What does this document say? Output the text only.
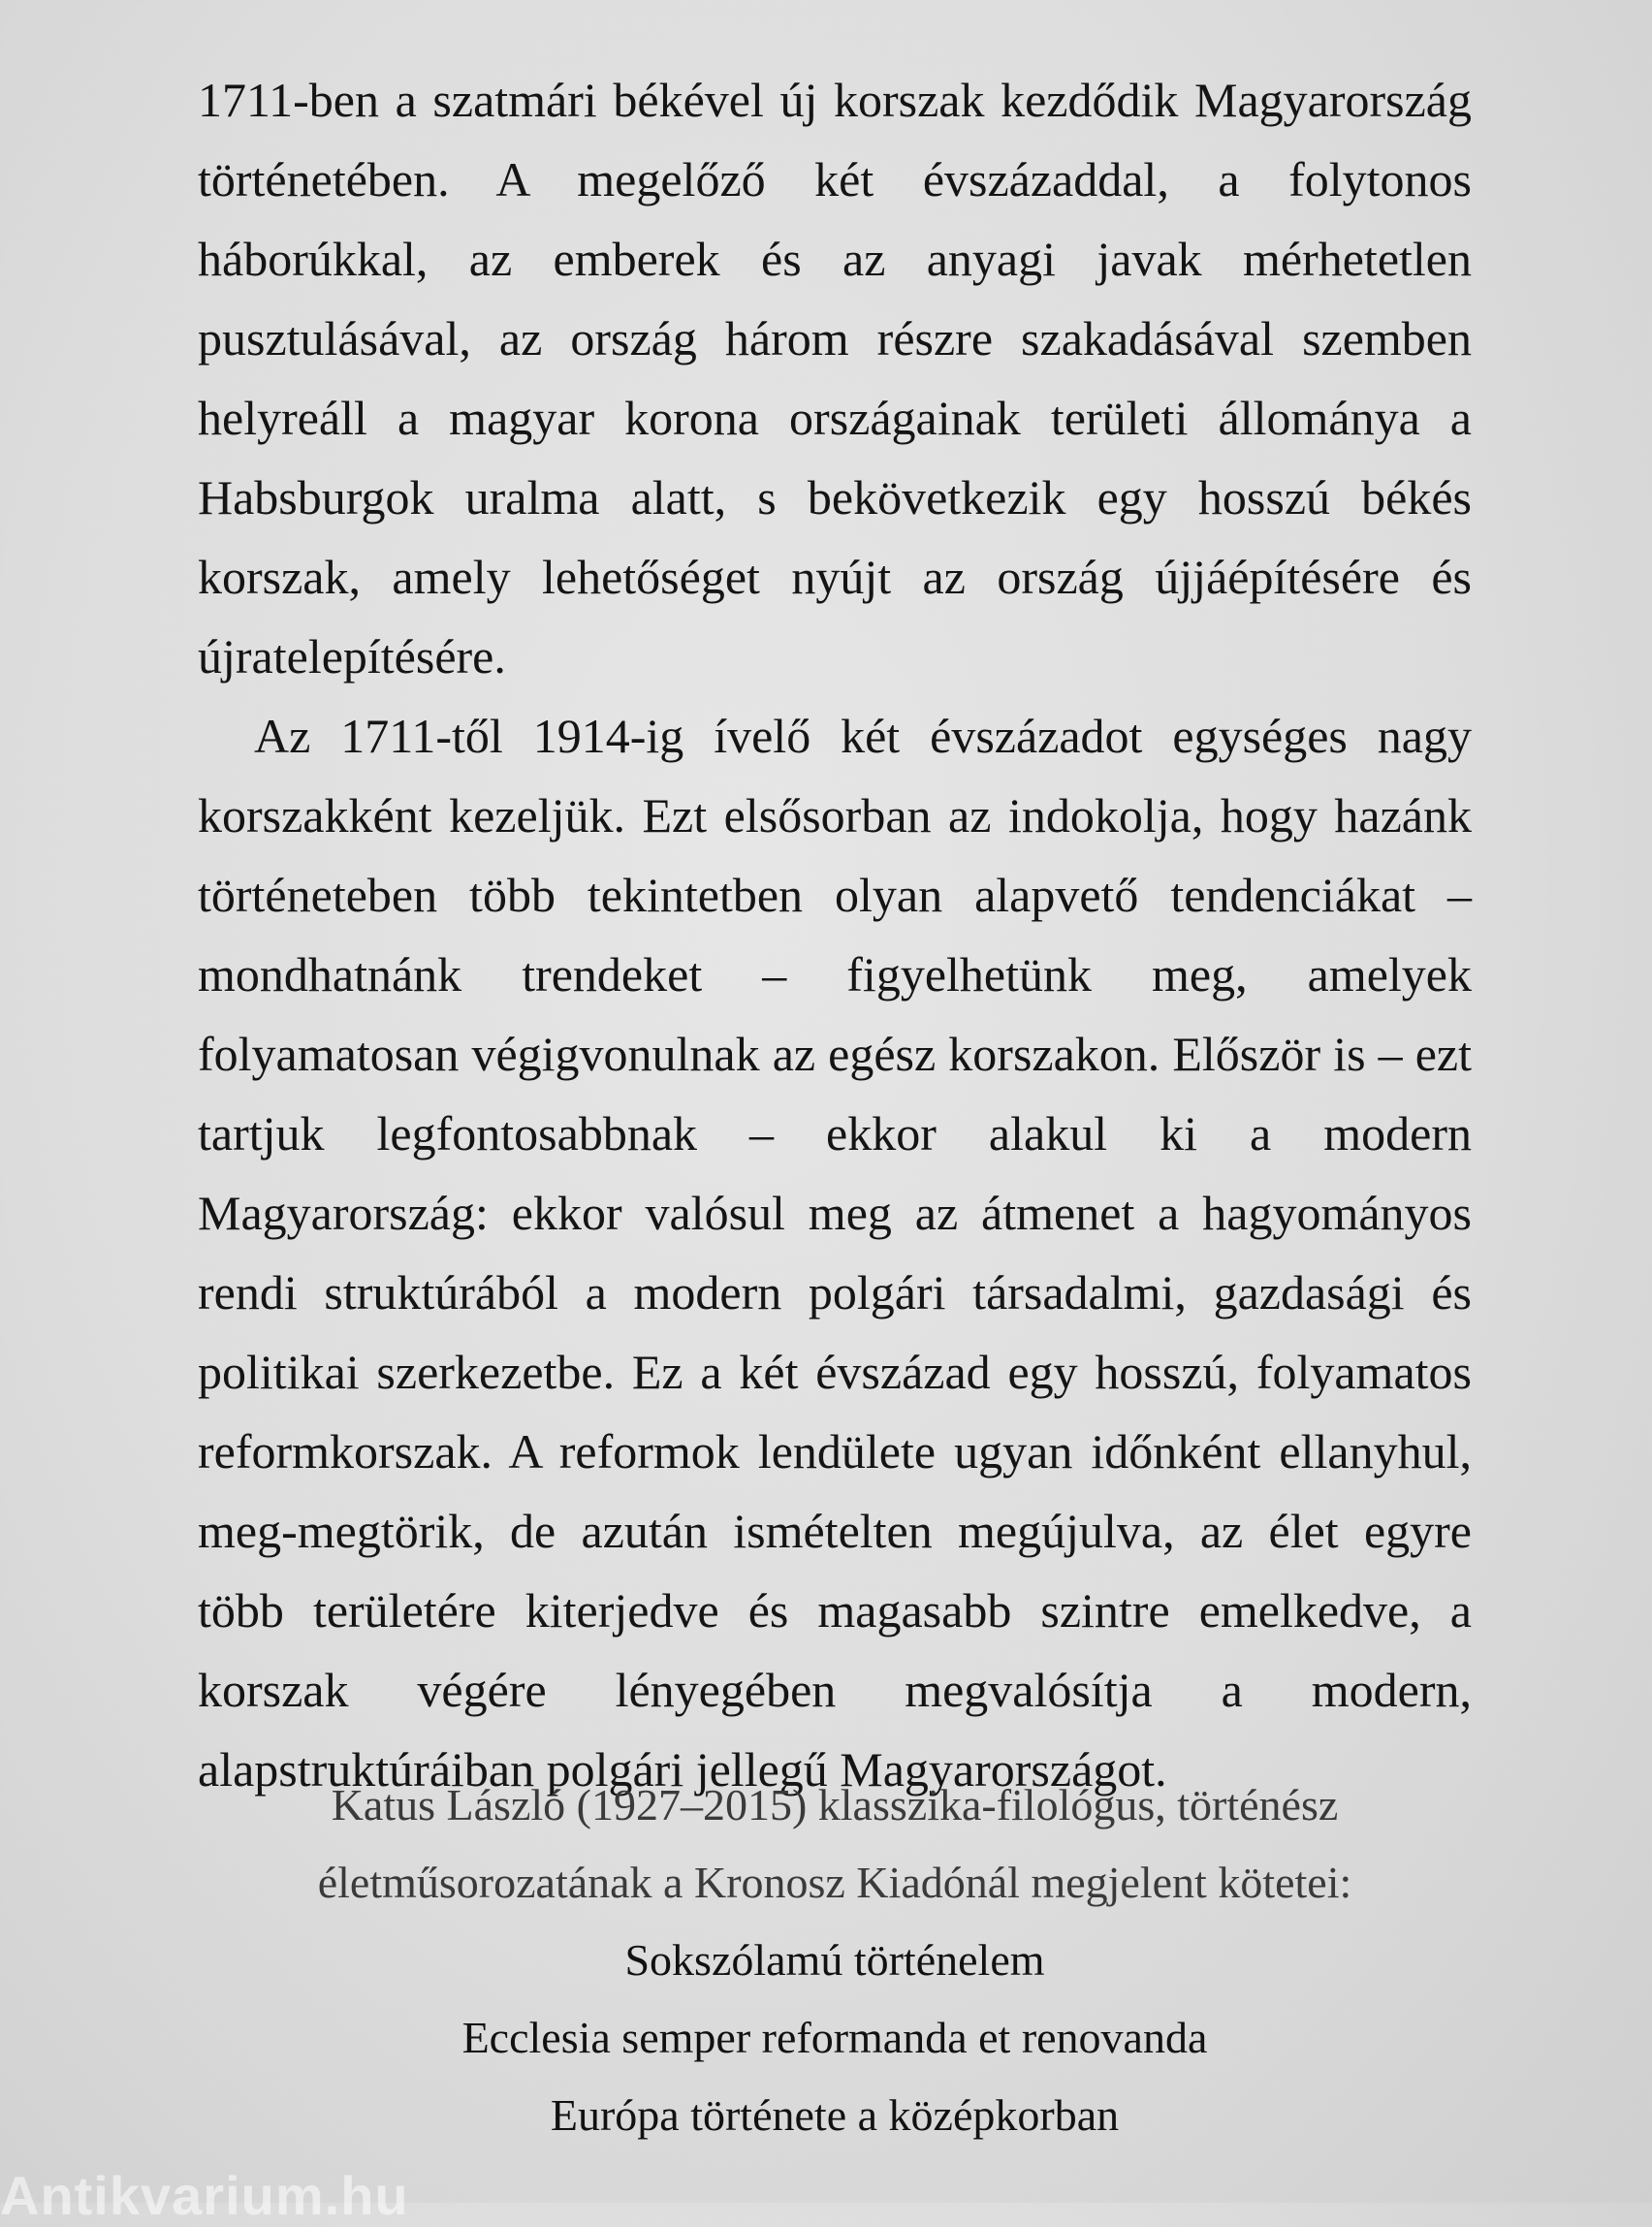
1711-ben a szatmári békével új korszak kezdődik Magyarország történetében. A megelőző két évszázaddal, a folytonos háborúkkal, az emberek és az anyagi javak mérhetetlen pusztulásával, az ország három részre szakadásával szemben helyreáll a magyar korona országainak területi állománya a Habsburgok uralma alatt, s bekövetkezik egy hosszú békés korszak, amely lehetőséget nyújt az ország újjáépítésére és újratelepítésére.

Az 1711-től 1914-ig ívelő két évszázadot egységes nagy korszakként kezeljük. Ezt elsősorban az indokolja, hogy hazánk történeteben több tekintetben olyan alapvető tendenciákat – mondhatnánk trendeket – figyelhetünk meg, amelyek folyamatosan végigvonulnak az egész korszakon. Először is – ezt tartjuk legfontosabbnak – ekkor alakul ki a modern Magyarország: ekkor valósul meg az átmenet a hagyományos rendi struktúrából a modern polgári társadalmi, gazdasági és politikai szerkezetbe. Ez a két évszázad egy hosszú, folyamatos reformkorszak. A reformok lendülete ugyan időnként ellanyhul, meg-megtörik, de azután ismételten megújulva, az élet egyre több területére kiterjedve és magasabb szintre emelkedve, a korszak végére lényegében megvalósítja a modern, alapstruktúráiban polgári jellegű Magyarországot.

Katus László (1927–2015) klasszika-filológus, történész
életműsorozatának a Kronosz Kiadónál megjelent kötetei:
Sokszólamú történelem
Ecclesia semper reformanda et renovanda
Európa története a középkorban
Antikvarium.hu
